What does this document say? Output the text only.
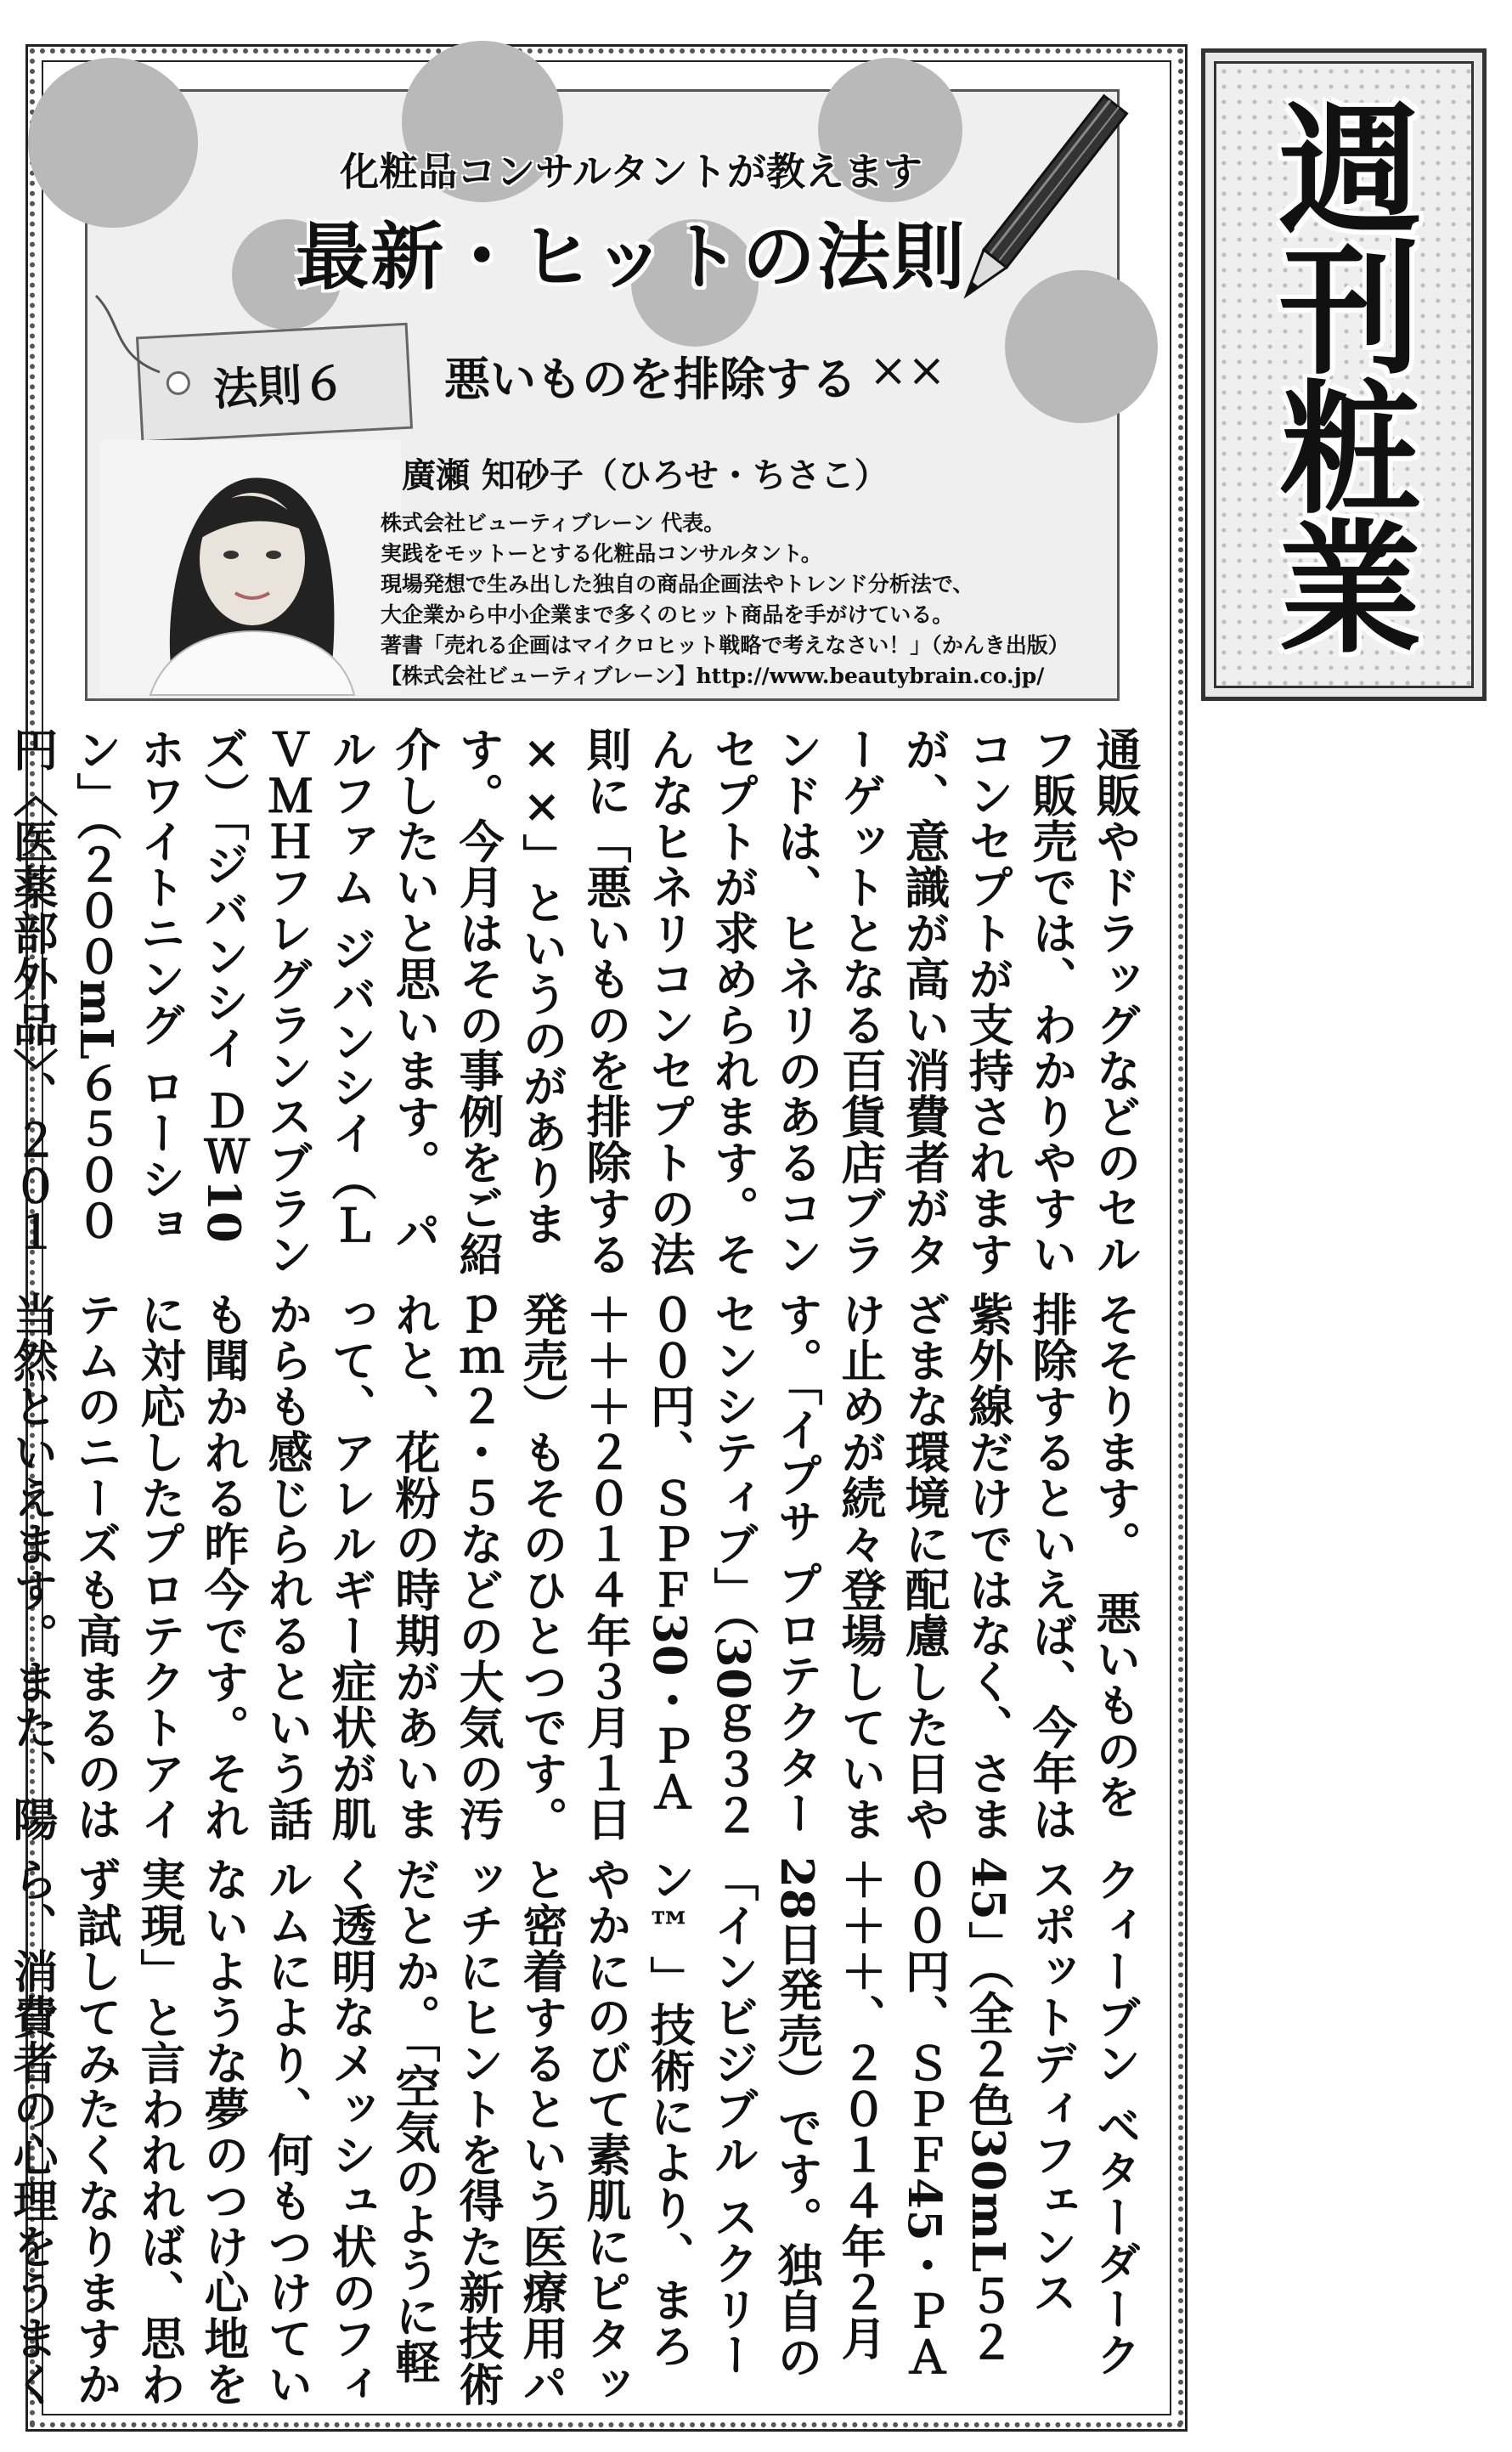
化粧品コンサルタントが教えます
最新・ヒットの法則
法則６ 悪いものを排除する ××
廣瀬 知砂子（ひろせ・ちさこ）
株式会社ビューティブレーン 代表。
実践をモットーとする化粧品コンサルタント。
現場発想で生み出した独自の商品企画法やトレンド分析法で、
大企業から中小企業まで多くのヒット商品を手がけている。
著書「売れる企画はマイクロヒット戦略で考えなさい！」（かんき出版）
【株式会社ビューティブレーン】http://www.beautybrain.co.jp/
週刊粧業

通販やドラッグなどのセルフ販売では、わかりやすいコンセプトが支持されますが、意識が高い消費者がターゲットとなる百貨店ブランドは、ヒネリのあるコンセプトが求められます。そんなヒネリコンセプトの法則に「悪いものを排除する××」というのがあります。今月はその事例をご紹介したいと思います。　パルファム ジバンシイ（ＬＶＭＨフレグランスブランズ）「ジバンシイ ＤＷ10 ホワイトニング ローション」（２００mL６５００円〈医薬部外品〉、２０１

そそります。　悪いものを排除するといえば、今年は紫外線だけではなく、さまざまな環境に配慮した日やけ止めが続々登場しています。「イプサ プロテクター センシティブ」（30ｇ３２００円、ＳＰＦ30・ＰＡ＋＋＋２０１４年３月１日発売）もそのひとつです。ｐｍ２・５などの大気の汚れと、花粉の時期があいまって、アレルギー症状が肌からも感じられるという話も聞かれる昨今です。それに対応したプロテクトアイテムのニーズも高まるのは当然といえます。また、陽　

クィーブン ベターダークスポットディフェンス 45」（全２色30mL５２００円、ＳＰＦ45・ＰＡ＋＋＋、２０１４年２月28日発売）です。独自の「インビジブル スクリーン™」技術により、まろやかにのびて素肌にピタッと密着するという医療用パッチにヒントを得た新技術だとか。「空気のように軽く透明なメッシュ状のフィルムにより、何もつけていないような夢のつけ心地を実現」と言われれば、思わず試してみたくなりますから、消費者の心理をうまく
